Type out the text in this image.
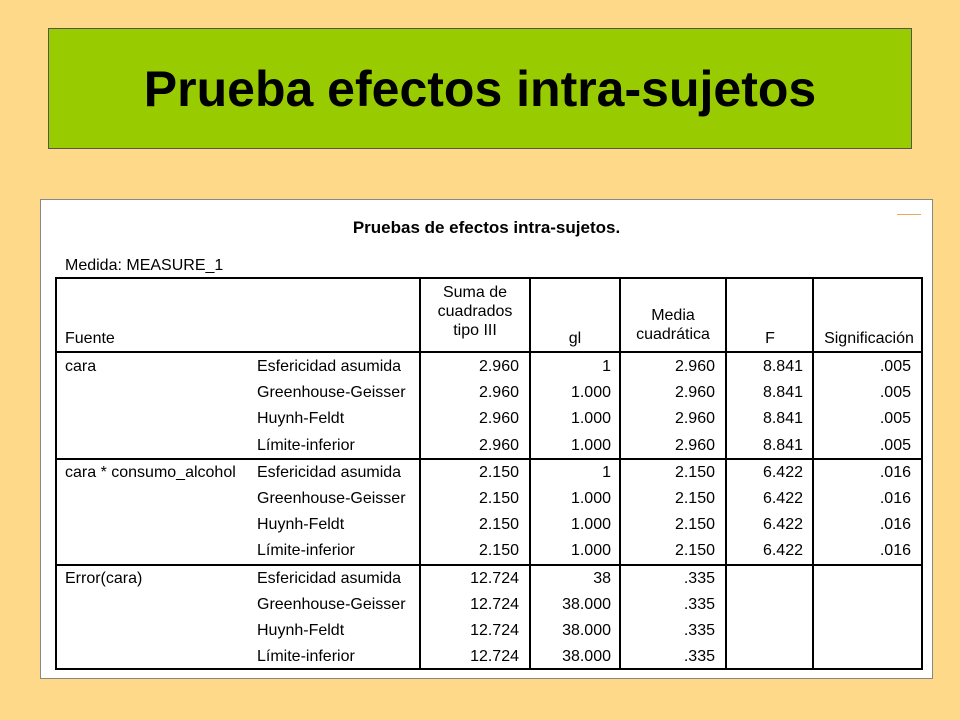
Prueba efectos intra-sujetos
Pruebas de efectos intra-sujetos.
Medida: MEASURE_1
Fuente
Suma de
cuadrados
tipo III	gl
Media
cuadrática	F	Significación
cara	Esfericidad asumida	2.960	1	2.960	8.841	.005
Greenhouse-Geisser	2.960	1.000	2.960	8.841	.005
Huynh-Feldt	2.960	1.000	2.960	8.841	.005
Límite-inferior	2.960	1.000	2.960	8.841	.005
cara * consumo_alcohol	Esfericidad asumida	2.150	1	2.150	6.422	.016
Greenhouse-Geisser	2.150	1.000	2.150	6.422	.016
Huynh-Feldt	2.150	1.000	2.150	6.422	.016
Límite-inferior	2.150	1.000	2.150	6.422	.016
Error(cara)	Esfericidad asumida	12.724	38	.335
Greenhouse-Geisser	12.724	38.000	.335
Huynh-Feldt	12.724	38.000	.335
Límite-inferior	12.724	38.000	.335
